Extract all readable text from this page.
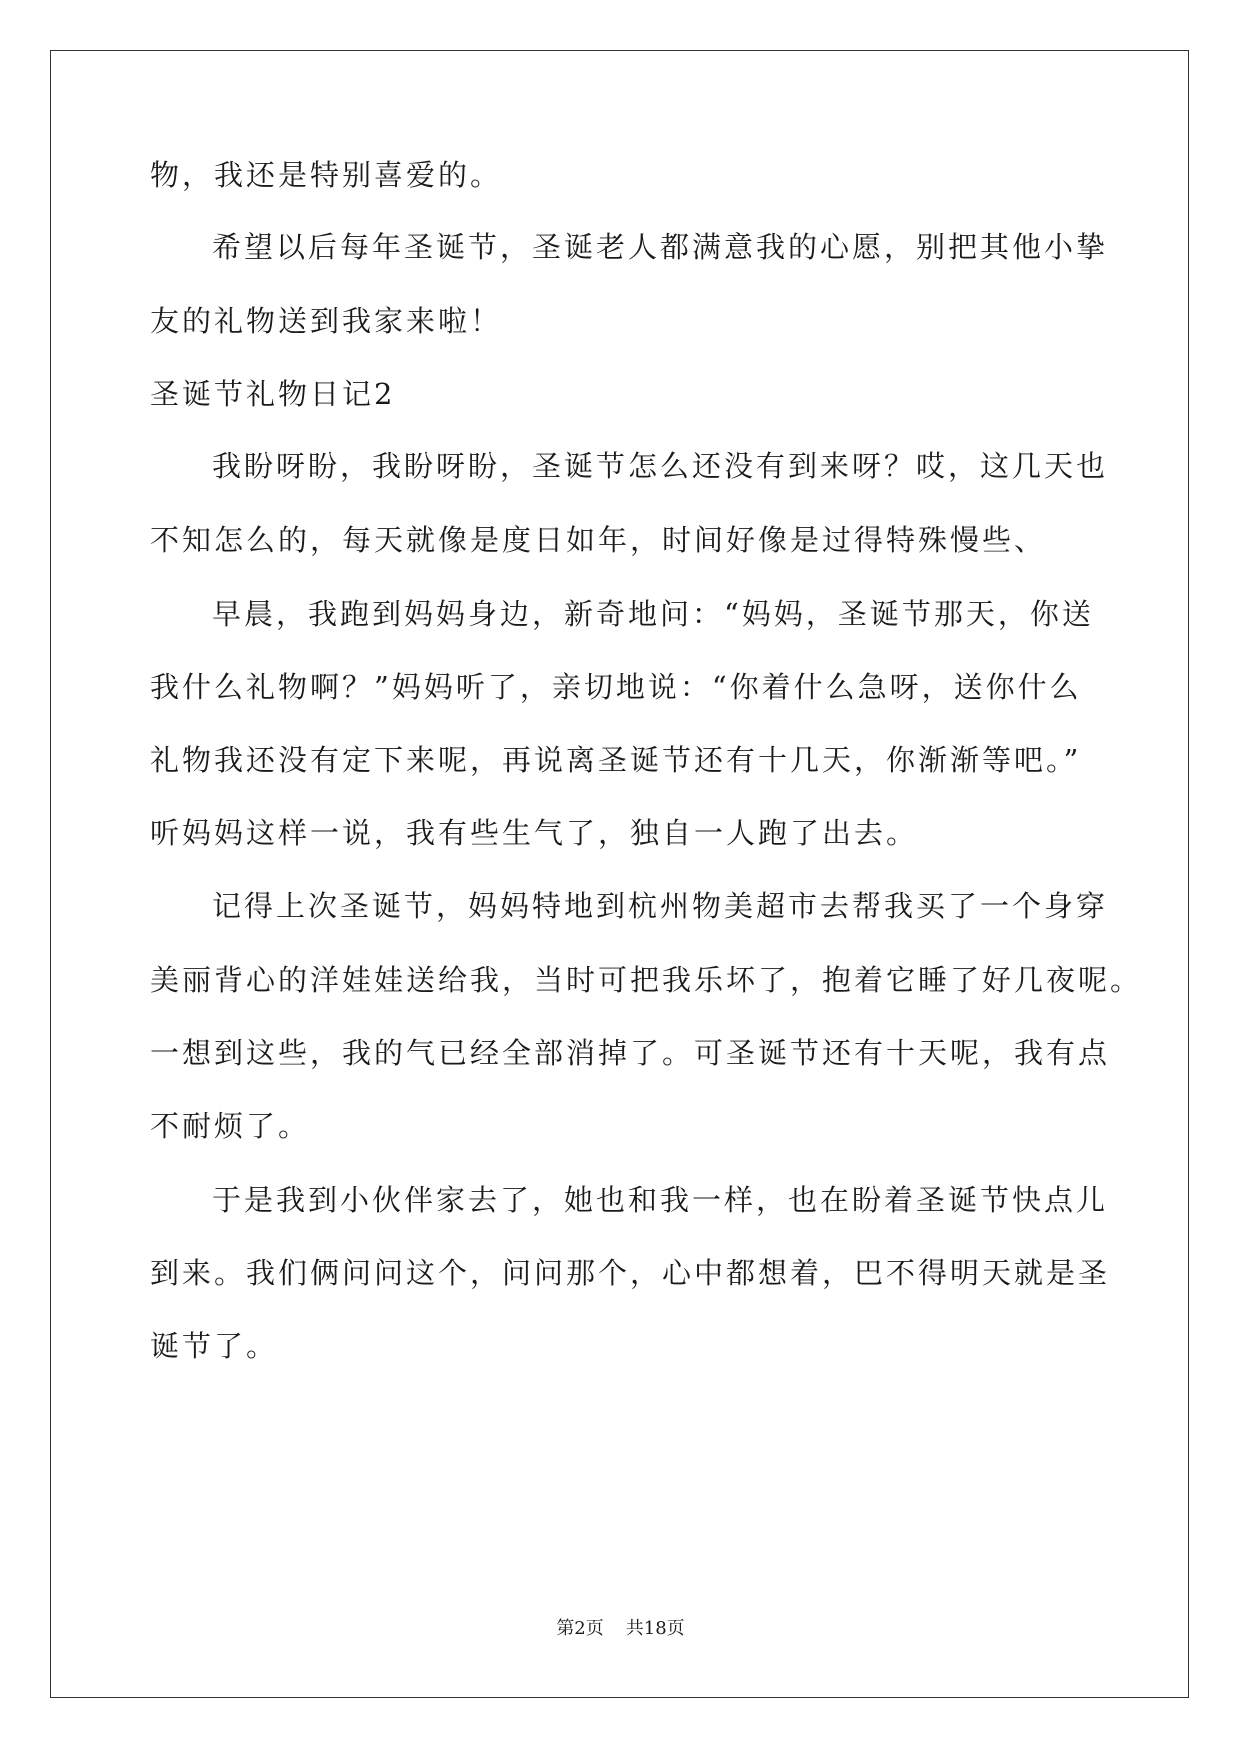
物，我还是特别喜爱的。
希望以后每年圣诞节，圣诞老人都满意我的心愿，别把其他小挚
友的礼物送到我家来啦！
圣诞节礼物日记2
我盼呀盼，我盼呀盼，圣诞节怎么还没有到来呀？哎，这几天也
不知怎么的，每天就像是度日如年，时间好像是过得特殊慢些、
早晨，我跑到妈妈身边，新奇地问：“妈妈，圣诞节那天，你送
我什么礼物啊？”妈妈听了，亲切地说：“你着什么急呀，送你什么
礼物我还没有定下来呢，再说离圣诞节还有十几天，你渐渐等吧。”
听妈妈这样一说，我有些生气了，独自一人跑了出去。
记得上次圣诞节，妈妈特地到杭州物美超市去帮我买了一个身穿
美丽背心的洋娃娃送给我，当时可把我乐坏了，抱着它睡了好几夜呢。
一想到这些，我的气已经全部消掉了。可圣诞节还有十天呢，我有点
不耐烦了。
于是我到小伙伴家去了，她也和我一样，也在盼着圣诞节快点儿
到来。我们俩问问这个，问问那个，心中都想着，巴不得明天就是圣
诞节了。
第2页 共18页
